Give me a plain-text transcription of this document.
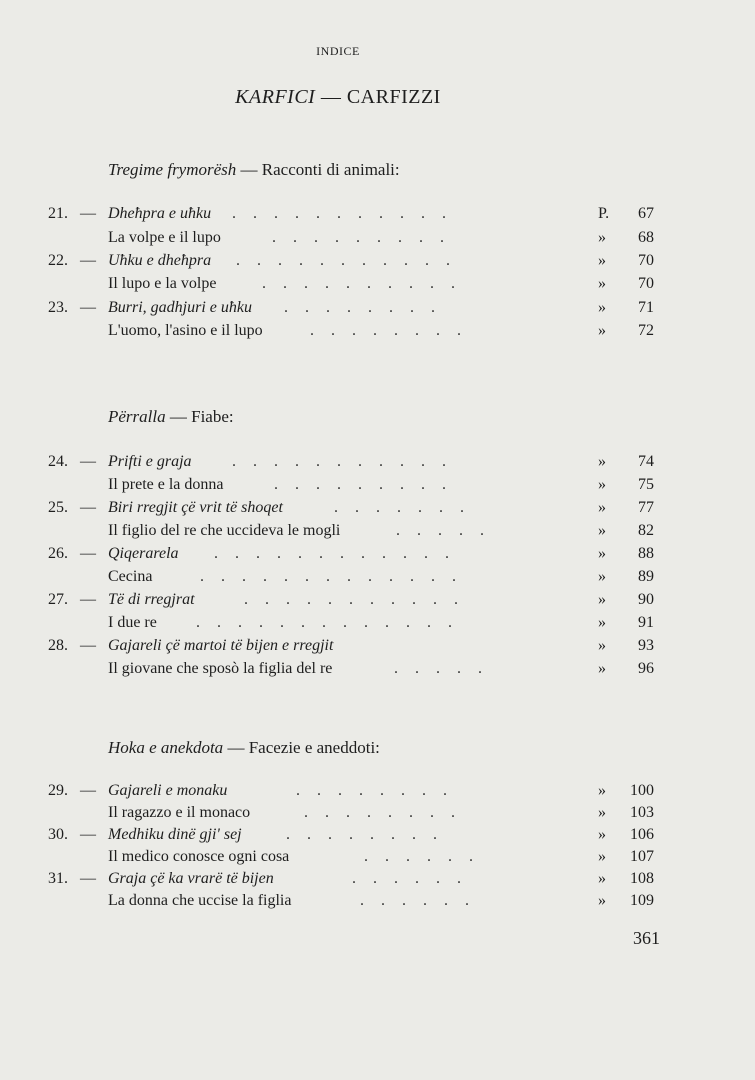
INDICE
KARFICI — CARFIZZI
Tregime frymorësh — Racconti di animali:
21. — Dheħpra e uħku ...........	P.	67
La volpe e il lupo	.........	»	68
22. — Uħku e dheħpra ...........	»	70
Il lupo e la volpe	..........	»	70
23. — Burri, gadhjuri e uħku ........	»	71
L'uomo, l'asino e il lupo	........	»	72
Përralla — Fiabe:
24. — Prifti e graja	...........	»	74
Il prete e la donna	.........	»	75
25. — Biri rregjit çë vrit të shoqet	.......	»	77
Il figlio del re che uccideva le mogli	.....	»	82
26. — Qiqerarela ............	»	88
Cecina	.............	»	89
27. — Të di rregjrat	...........	»	90
I due re .............	»	91
28. — Gajareli çë martoi të bijen e rregjit	»	93
Il giovane che sposò la figlia del re	.....	»	96
Hoka e anekdota — Facezie e aneddoti:
29. — Gajareli e monaku	........	» 100
Il ragazzo e il monaco	........	» 103
30. — Medhiku dinë gji' sej	........	» 106
Il medico conosce ogni cosa	......	» 107
31. — Graja çë ka vrarë të bijen	......	» 108
La donna che uccise la figlia	......	» 109
361
